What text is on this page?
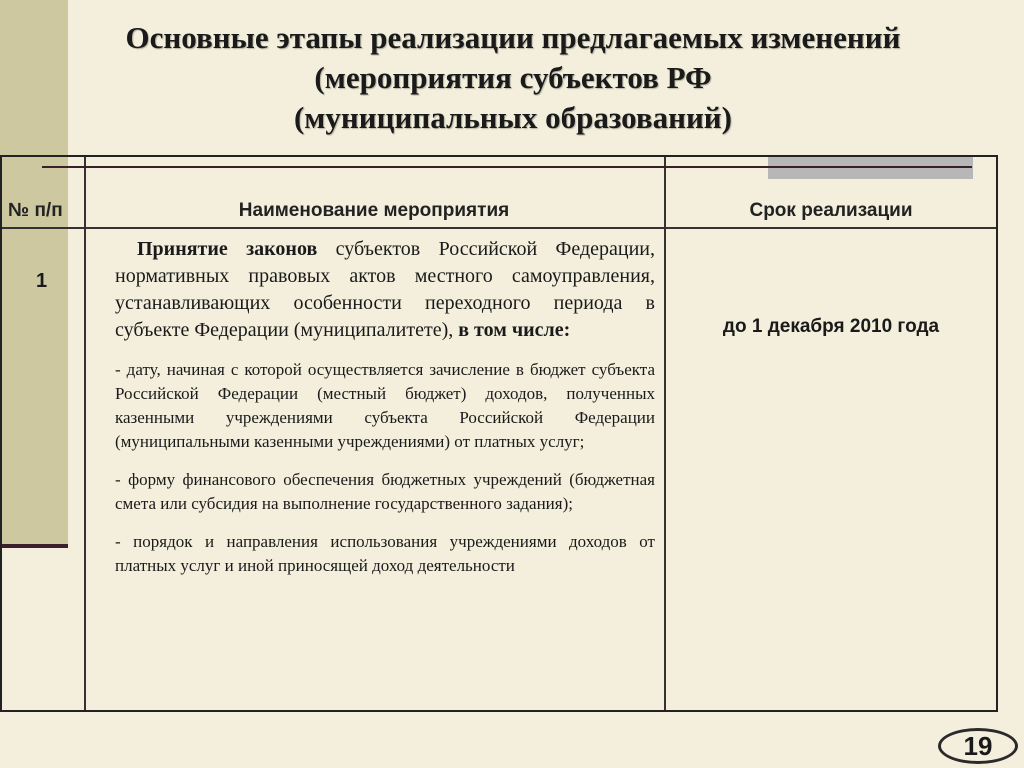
Основные этапы реализации предлагаемых изменений
(мероприятия субъектов РФ
(муниципальных образований)
№ п/п	Наименование мероприятия	Срок реализации
1
Принятие законов субъектов Российской Федерации, нормативных правовых актов местного самоуправления, устанавливающих особенности переходного периода в субъекте Федерации (муниципалитете), в том числе:
- дату, начиная с которой осуществляется зачисление в бюджет субъекта Российской Федерации (местный бюджет) доходов, полученных казенными учреждениями субъекта Российской Федерации (муниципальными казенными учреждениями) от платных услуг;
- форму финансового обеспечения бюджетных учреждений (бюджетная смета или субсидия на выполнение государственного задания);
- порядок и направления использования учреждениями доходов от платных услуг и иной приносящей доход деятельности
до 1 декабря 2010 года
19
